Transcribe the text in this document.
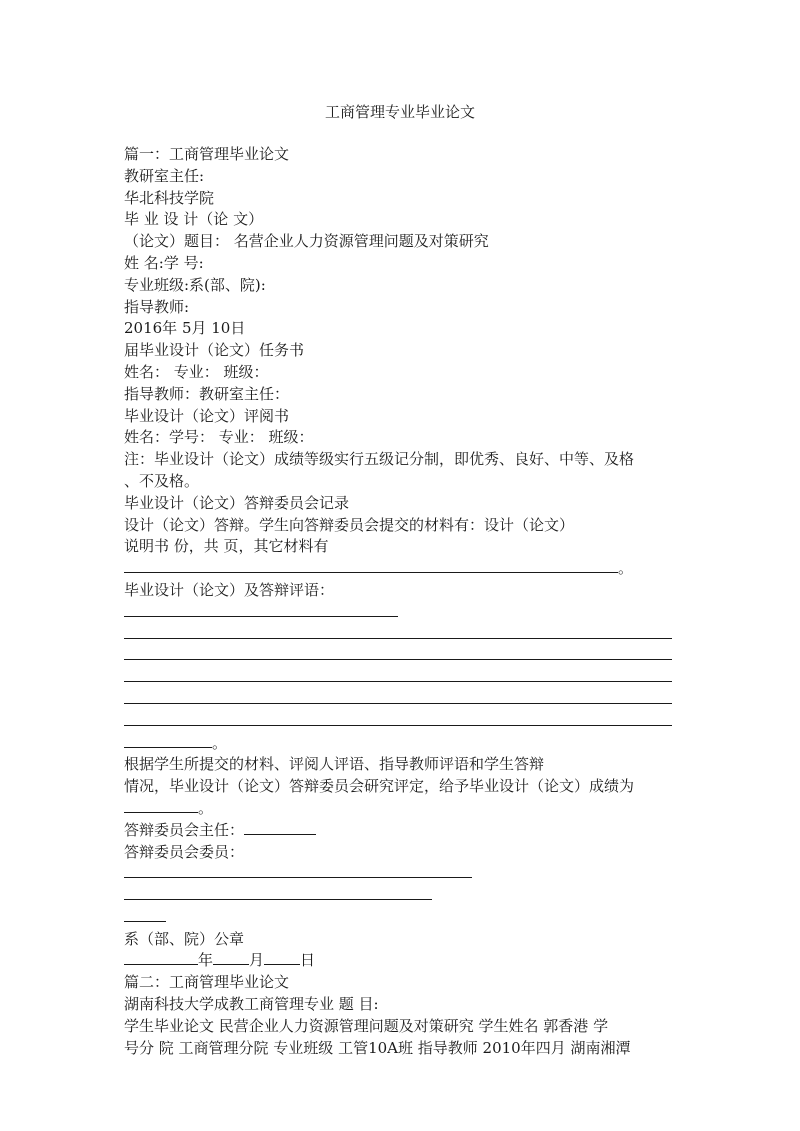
工商管理专业毕业论文
篇一：工商管理毕业论文
教研室主任:
华北科技学院
毕 业 设 计（论 文）
（论文）题目： 名营企业人力资源管理问题及对策研究
姓 名:学 号:
专业班级:系(部、院):
指导教师:
2016年 5月 10日
届毕业设计（论文）任务书
姓名： 专业： 班级：
指导教师：教研室主任：
毕业设计（论文）评阅书
姓名：学号： 专业： 班级：
注：毕业设计（论文）成绩等级实行五级记分制，即优秀、良好、中等、及格
、不及格。
毕业设计（论文）答辩委员会记录
设计（论文）答辩。学生向答辩委员会提交的材料有：设计（论文）
说明书 份，共 页，其它材料有
。
毕业设计（论文）及答辩评语：
。
根据学生所提交的材料、评阅人评语、指导教师评语和学生答辩
情况，毕业设计（论文）答辩委员会研究评定，给予毕业设计（论文）成绩为
。
答辩委员会主任：
答辩委员会委员：
系（部、院）公章
年 月 日
篇二：工商管理毕业论文
湖南科技大学成教工商管理专业 题 目:
学生毕业论文 民营企业人力资源管理问题及对策研究 学生姓名 郭香港 学
号分 院 工商管理分院 专业班级 工管10A班 指导教师 2010年四月 湖南湘潭
